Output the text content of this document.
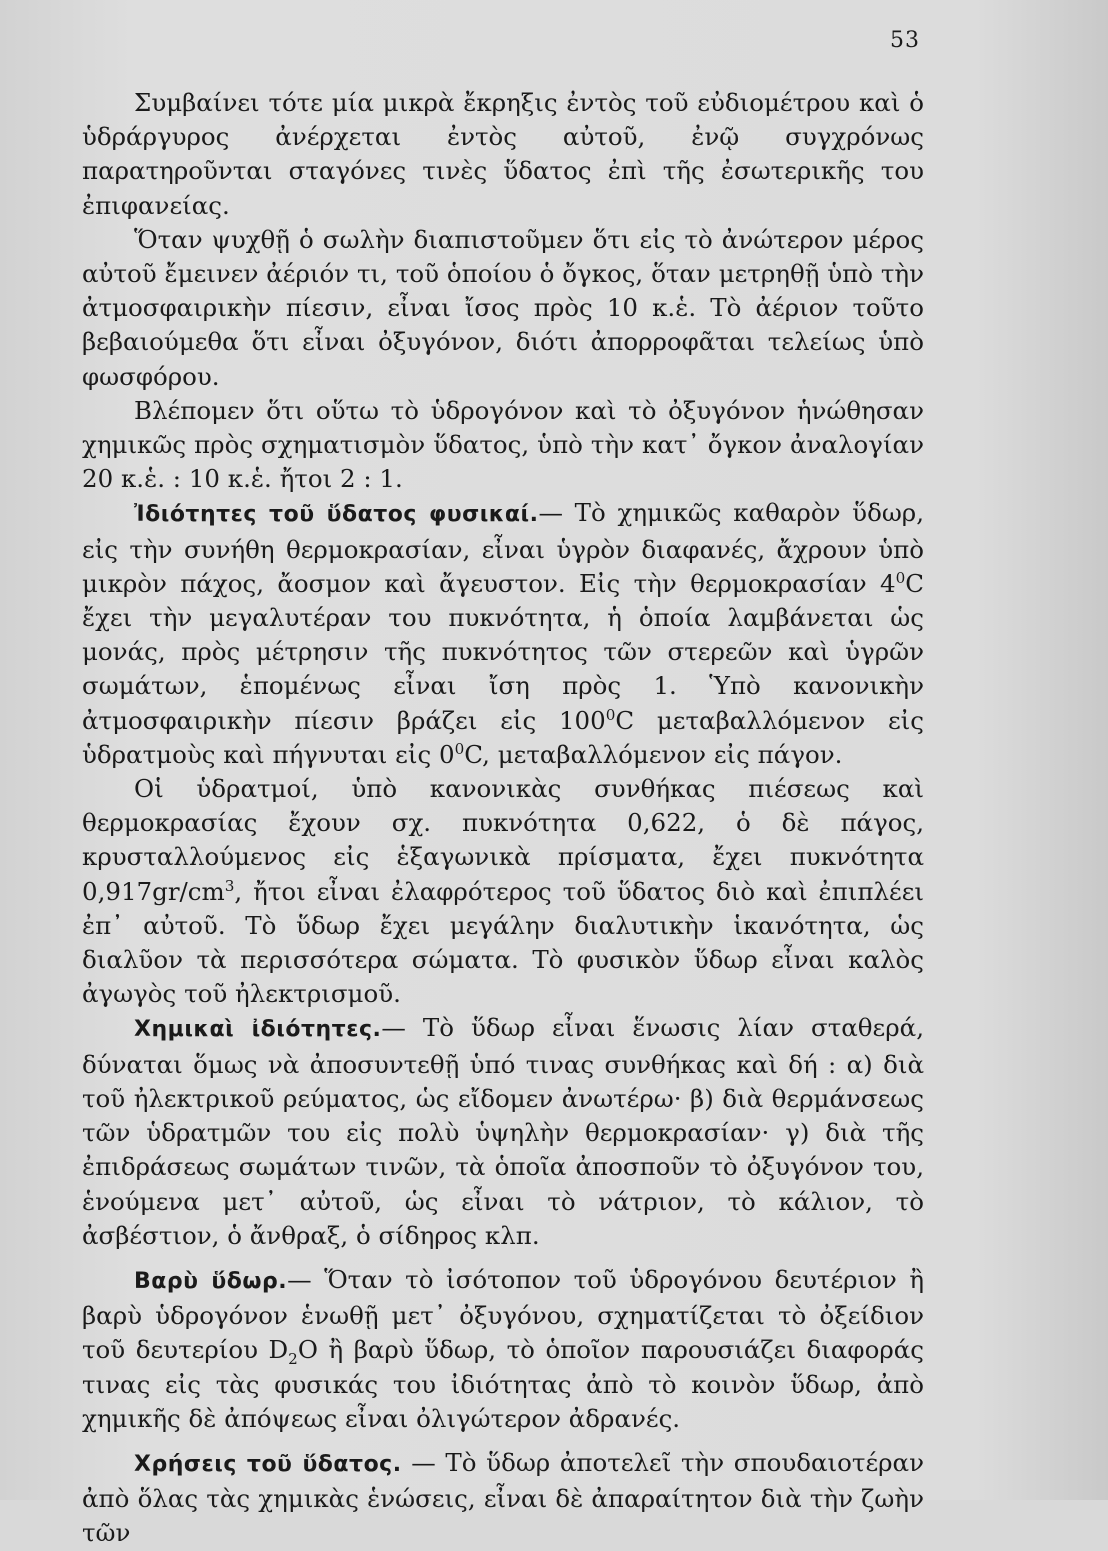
53

Συμβαίνει τότε μία μικρὰ ἔκρηξις ἐντὸς τοῦ εὐδιομέτρου καὶ ὁ ὑδράργυρος ἀνέρχεται ἐντὸς αὐτοῦ, ἐνῷ συγχρόνως παρατηροῦνται σταγόνες τινὲς ὕδατος ἐπὶ τῆς ἐσωτερικῆς του ἐπιφανείας.

Ὅταν ψυχθῇ ὁ σωλὴν διαπιστοῦμεν ὅτι εἰς τὸ ἀνώτερον μέρος αὐτοῦ ἔμεινεν ἀέριόν τι, τοῦ ὁποίου ὁ ὄγκος, ὅταν μετρηθῇ ὑπὸ τὴν ἀτμοσφαιρικὴν πίεσιν, εἶναι ἴσος πρὸς 10 κ.ἑ. Τὸ ἀέριον τοῦτο βεβαιούμεθα ὅτι εἶναι ὀξυγόνον, διότι ἀπορροφᾶται τελείως ὑπὸ φωσφόρου.

Βλέπομεν ὅτι οὕτω τὸ ὑδρογόνον καὶ τὸ ὀξυγόνον ἡνώθησαν χημικῶς πρὸς σχηματισμὸν ὕδατος, ὑπὸ τὴν κατ᾿ ὄγκον ἀναλογίαν 20 κ.ἑ. : 10 κ.ἑ. ἤτοι 2 : 1.

Ἰδιότητες τοῦ ὕδατος φυσικαί.— Τὸ χημικῶς καθαρὸν ὕδωρ, εἰς τὴν συνήθη θερμοκρασίαν, εἶναι ὑγρὸν διαφανές, ἄχρουν ὑπὸ μικρὸν πάχος, ἄοσμον καὶ ἄγευστον. Εἰς τὴν θερμοκρασίαν $4^0C$ ἔχει τὴν μεγαλυτέραν του πυκνότητα, ἡ ὁποία λαμβάνεται ὡς μονάς, πρὸς μέτρησιν τῆς πυκνότητος τῶν στερεῶν καὶ ὑγρῶν σωμάτων, ἑπομένως εἶναι ἴση πρὸς 1. Ὑπὸ κανονικὴν ἀτμοσφαιρικὴν πίεσιν βράζει εἰς $100^0C$ μεταβαλλόμενον εἰς ὑδρατμοὺς καὶ πήγνυται εἰς $0^0C$, μεταβαλλόμενον εἰς πάγον.

Οἱ ὑδρατμοί, ὑπὸ κανονικὰς συνθήκας πιέσεως καὶ θερμοκρασίας ἔχουν σχ. πυκνότητα 0,622, ὁ δὲ πάγος, κρυσταλλούμενος εἰς ἑξαγωνικὰ πρίσματα, ἔχει πυκνότητα $0,917gr/cm^3$, ἤτοι εἶναι ἐλαφρότερος τοῦ ὕδατος διὸ καὶ ἐπιπλέει ἐπ᾿ αὐτοῦ. Τὸ ὕδωρ ἔχει μεγάλην διαλυτικὴν ἱκανότητα, ὡς διαλῦον τὰ περισσότερα σώματα. Τὸ φυσικὸν ὕδωρ εἶναι καλὸς ἀγωγὸς τοῦ ἠλεκτρισμοῦ.

Χημικαὶ ἰδιότητες.— Τὸ ὕδωρ εἶναι ἕνωσις λίαν σταθερά, δύναται ὅμως νὰ ἀποσυντεθῇ ὑπό τινας συνθήκας καὶ δή : α) διὰ τοῦ ἠλεκτρικοῦ ρεύματος, ὡς εἴδομεν ἀνωτέρω· β) διὰ θερμάνσεως τῶν ὑδρατμῶν του εἰς πολὺ ὑψηλὴν θερμοκρασίαν· γ) διὰ τῆς ἐπιδράσεως σωμάτων τινῶν, τὰ ὁποῖα ἀποσποῦν τὸ ὀξυγόνον του, ἑνούμενα μετ᾿ αὐτοῦ, ὡς εἶναι τὸ νάτριον, τὸ κάλιον, τὸ ἀσβέστιον, ὁ ἄνθραξ, ὁ σίδηρος κλπ.

Βαρὺ ὕδωρ.— Ὅταν τὸ ἰσότοπον τοῦ ὑδρογόνου δευτέριον ἢ βαρὺ ὑδρογόνον ἑνωθῇ μετ᾿ ὀξυγόνου, σχηματίζεται τὸ ὀξείδιον τοῦ δευτερίου $D_2O$ ἢ βαρὺ ὕδωρ, τὸ ὁποῖον παρουσιάζει διαφοράς τινας εἰς τὰς φυσικάς του ἰδιότητας ἀπὸ τὸ κοινὸν ὕδωρ, ἀπὸ χημικῆς δὲ ἀπόψεως εἶναι ὀλιγώτερον ἀδρανές.

Χρήσεις τοῦ ὕδατος. — Τὸ ὕδωρ ἀποτελεῖ τὴν σπουδαιοτέραν ἀπὸ ὅλας τὰς χημικὰς ἑνώσεις, εἶναι δὲ ἀπαραίτητον διὰ τὴν ζωὴν τῶν
